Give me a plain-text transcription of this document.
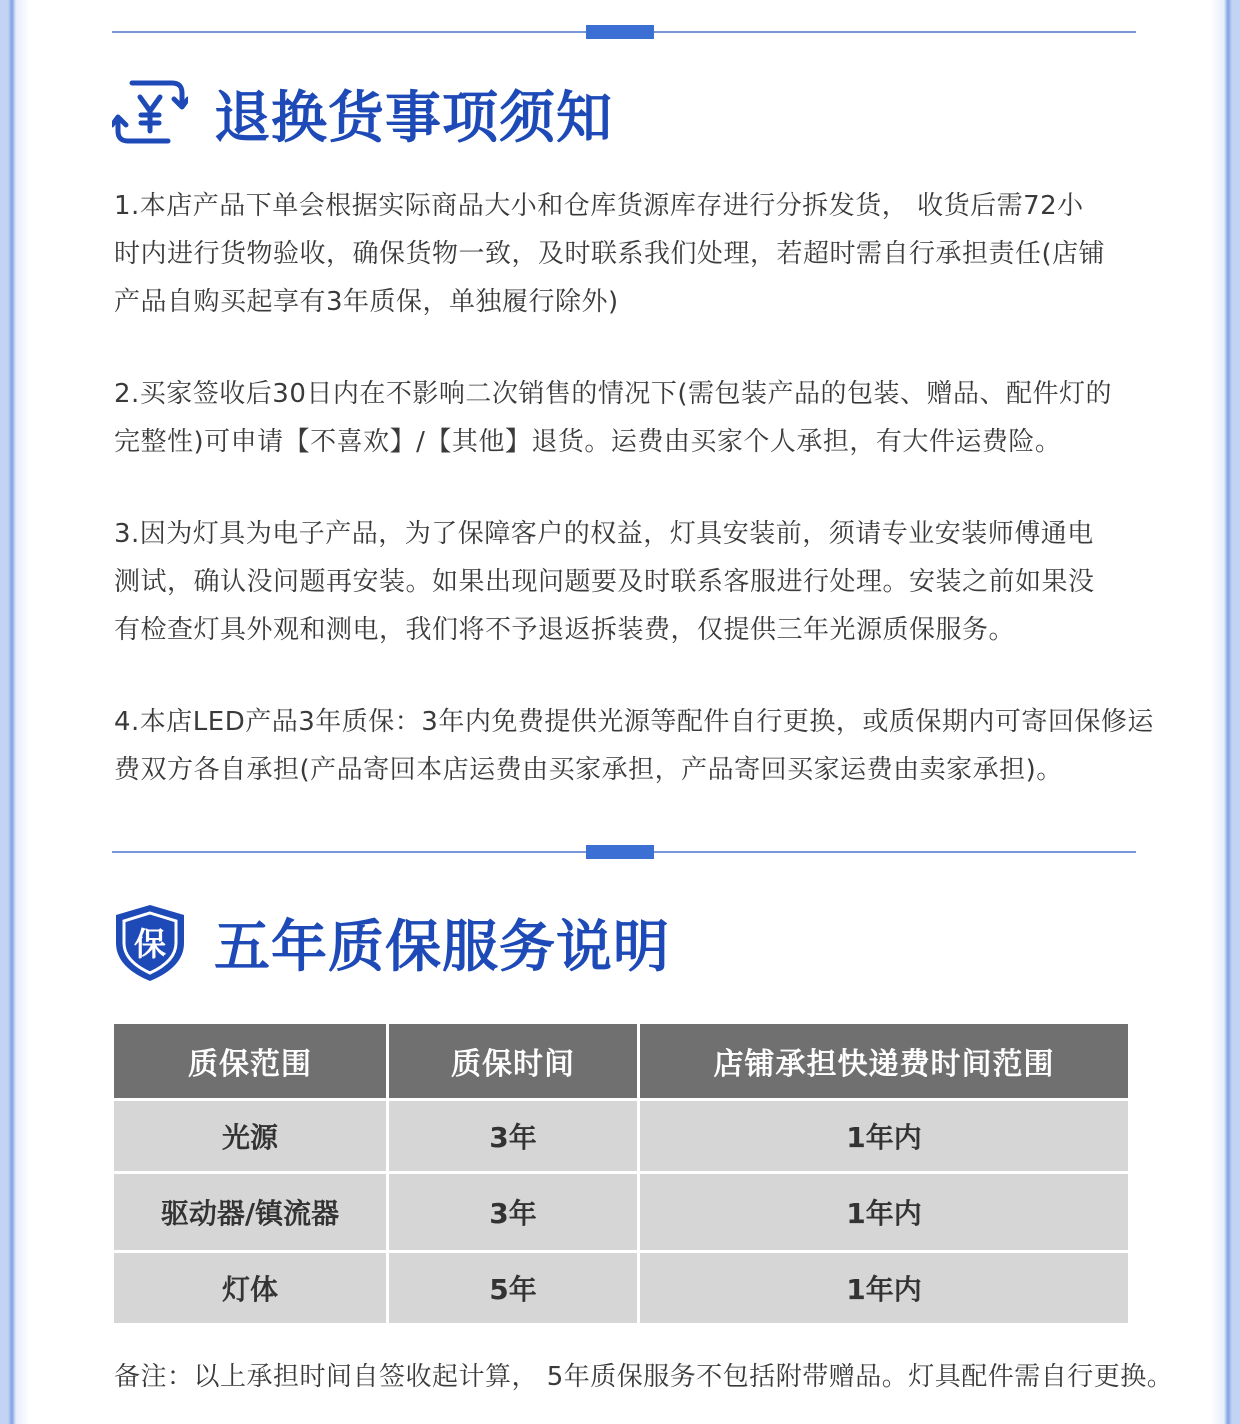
退换货事项须知

1.本店产品下单会根据实际商品大小和仓库货源库存进行分拆发货， 收货后需72小时内进行货物验收，确保货物一致，及时联系我们处理，若超时需自行承担责任(店铺产品自购买起享有3年质保，单独履行除外)

2.买家签收后30日内在不影响二次销售的情况下(需包装产品的包装、赠品、配件灯的完整性)可申请【不喜欢】/【其他】退货。运费由买家个人承担，有大件运费险。

3.因为灯具为电子产品，为了保障客户的权益，灯具安装前，须请专业安装师傅通电测试，确认没问题再安装。如果出现问题要及时联系客服进行处理。安装之前如果没有检查灯具外观和测电，我们将不予退返拆装费，仅提供三年光源质保服务。

4.本店LED产品3年质保：3年内免费提供光源等配件自行更换，或质保期内可寄回保修运费双方各自承担(产品寄回本店运费由买家承担，产品寄回买家运费由卖家承担)。

保 五年质保服务说明
质保范围	质保时间	店铺承担快递费时间范围
光源	3年	1年内
驱动器/镇流器	3年	1年内
灯体	5年	1年内
备注：以上承担时间自签收起计算， 5年质保服务不包括附带赠品。灯具配件需自行更换。
